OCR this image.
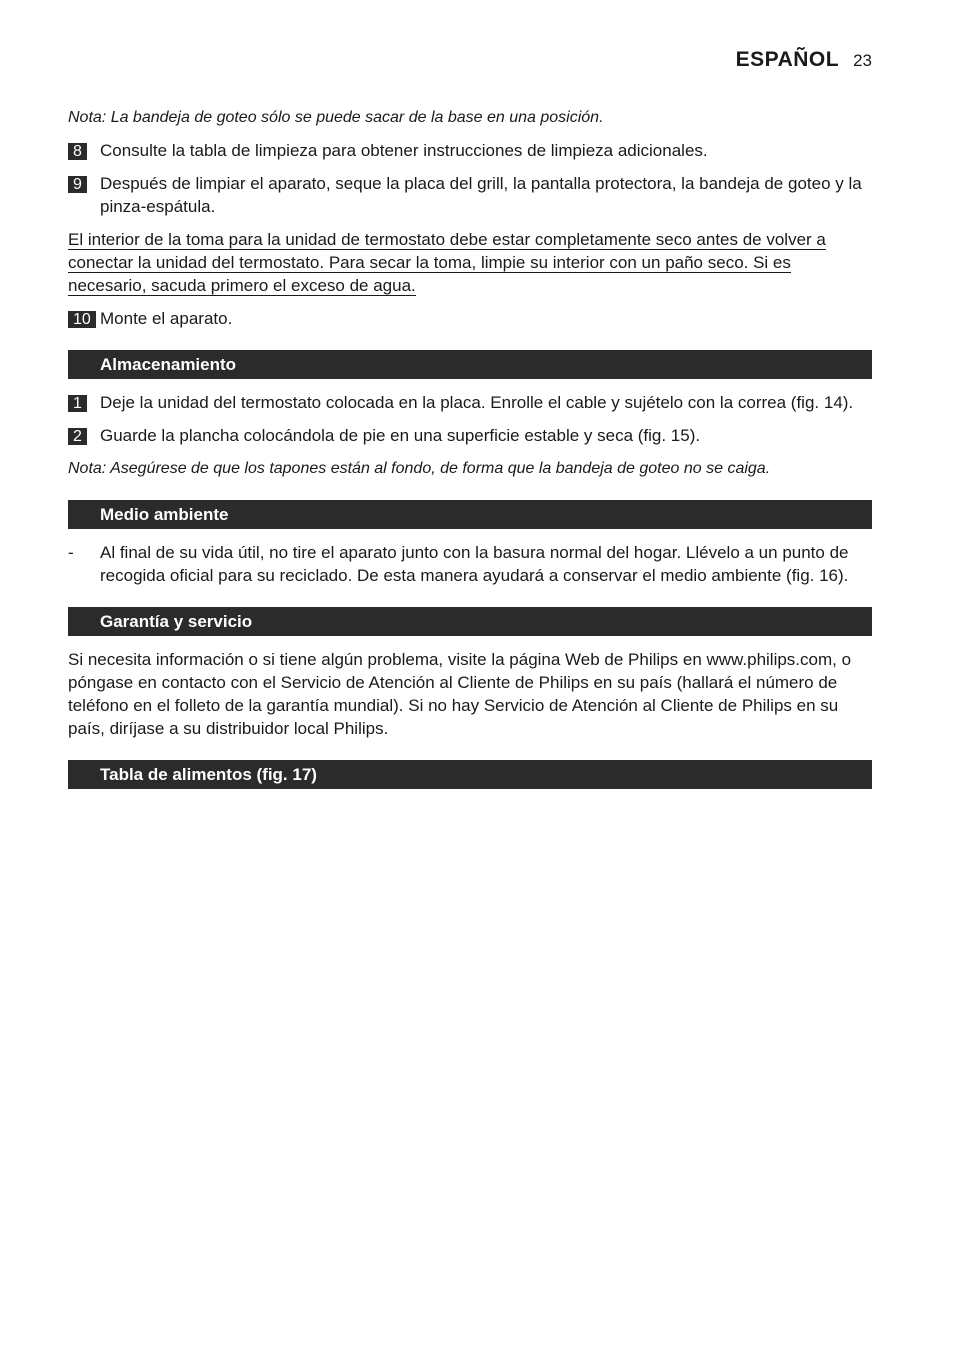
ESPAÑOL 23

Nota: La bandeja de goteo sólo se puede sacar de la base en una posición.

8	Consulte la tabla de limpieza para obtener instrucciones de limpieza adicionales.
9	Después de limpiar el aparato, seque la placa del grill, la pantalla protectora, la bandeja de goteo y la pinza-espátula.

El interior de la toma para la unidad de termostato debe estar completamente seco antes de volver a conectar la unidad del termostato. Para secar la toma, limpie su interior con un paño seco. Si es necesario, sacuda primero el exceso de agua.

10 Monte el aparato.
Almacenamiento
1	Deje la unidad del termostato colocada en la placa. Enrolle el cable y sujételo con la correa (fig. 14).
2	Guarde la plancha colocándola de pie en una superficie estable y seca (fig. 15).

Nota: Asegúrese de que los tapones están al fondo, de forma que la bandeja de goteo no se caiga.

Medio ambiente
-	Al final de su vida útil, no tire el aparato junto con la basura normal del hogar. Llévelo a un punto de recogida oficial para su reciclado. De esta manera ayudará a conservar el medio ambiente (fig. 16).
Garantía y servicio

Si necesita información o si tiene algún problema, visite la página Web de Philips en www.philips.com, o póngase en contacto con el Servicio de Atención al Cliente de Philips en su país (hallará el número de teléfono en el folleto de la garantía mundial). Si no hay Servicio de Atención al Cliente de Philips en su país, diríjase a su distribuidor local Philips.

Tabla de alimentos (fig. 17)
